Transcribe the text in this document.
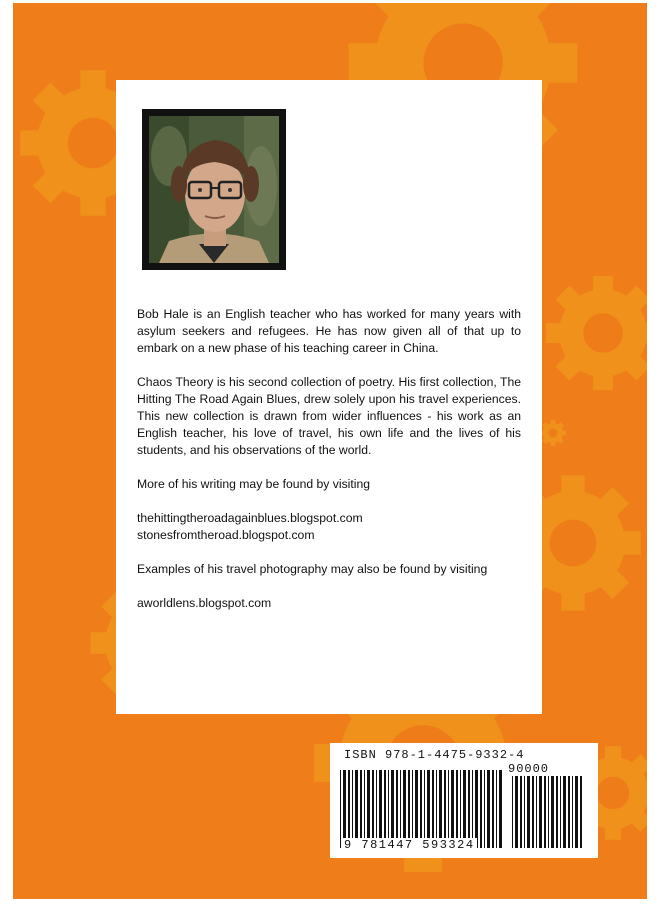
Bob Hale is an English teacher who has worked for many years with asylum seekers and refugees. He has now given all of that up to embark on a new phase of his teaching career in China.

Chaos Theory is his second collection of poetry. His first collection, The Hitting The Road Again Blues, drew solely upon his travel experiences. This new collection is drawn from wider influences - his work as an English teacher, his love of travel, his own life and the lives of his students, and his observations of the world.

More of his writing may be found by visiting

thehittingtheroadagainblues.blogspot.com

stonesfromtheroad.blogspot.com

Examples of his travel photography may also be found by visiting

aworldlens.blogspot.com

ISBN 978-1-4475-9332-4
90000
9 781447 593324
